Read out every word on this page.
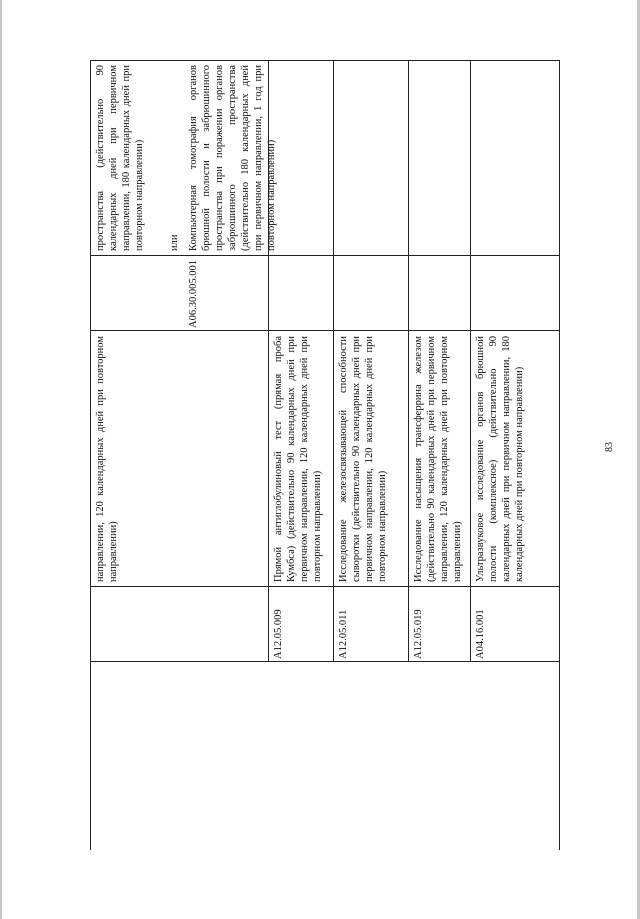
83
направлении, 120 календарных дней при повторном направлении)
пространства (действительно 90 календарных дней при первичном направлении, 180 календарных дней при повторном направлении)	или
A06.30.005.001
Компьютерная томография органов брюшной полости и забрюшинного пространства при поражении органов забрюшинного пространства (действительно 180 календарных дней при первичном направлении, 1 год при повторном направлении)
A12.05.009
Прямой антиглобулиновый тест (прямая проба Кумбса) (действительно 90 календарных дней при первичном направлении, 120 календарных дней при повторном направлении)
A12.05.011
Исследование железосвязывающей способности сыворотки (действительно 90 календарных дней при первичном направлении, 120 календарных дней при повторном направлении)
A12.05.019
Исследование насыщения трансферрина железом (действительно 90 календарных дней при первичном направлении, 120 календарных дней при повторном направлении)
A04.16.001
Ультразвуковое исследование органов брюшной полости (комплексное) (действительно 90 календарных дней при первичном направлении, 180 календарных дней при повторном направлении)
